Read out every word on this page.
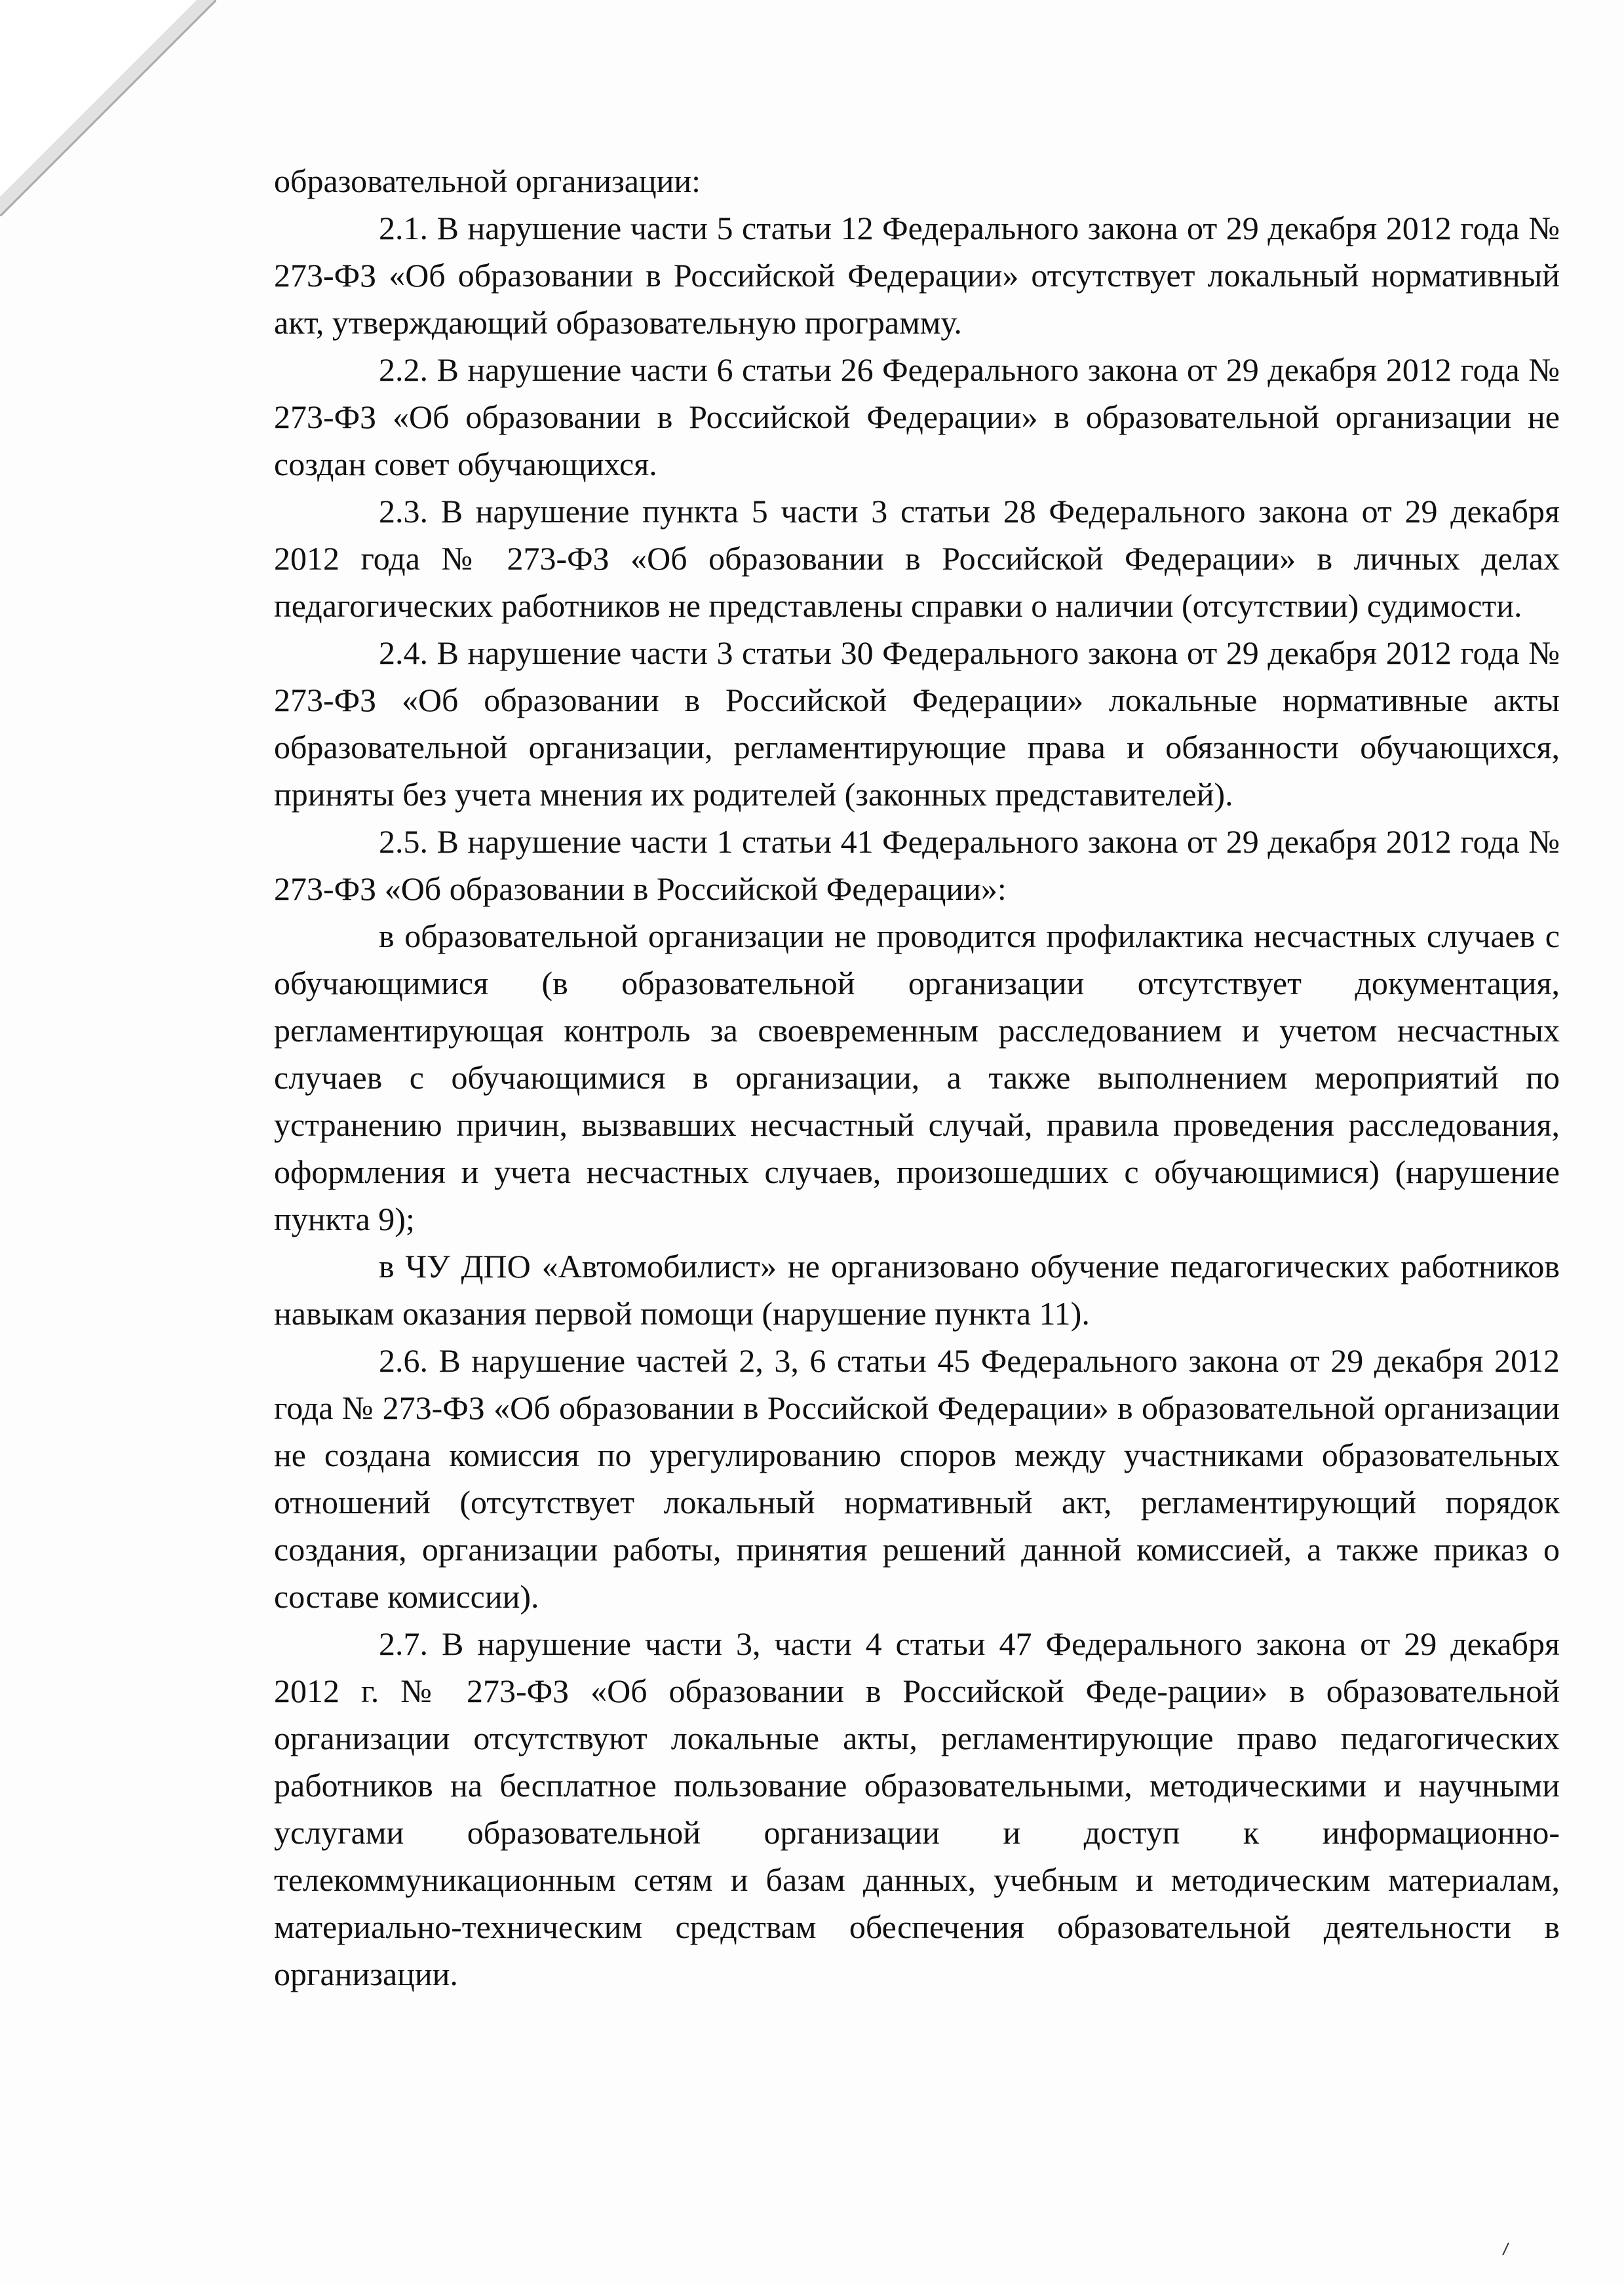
образовательной организации:

2.1. В нарушение части 5 статьи 12 Федерального закона от 29 декабря 2012 года № 273-ФЗ «Об образовании в Российской Федерации» отсутствует локальный нормативный акт, утверждающий образовательную программу.

2.2. В нарушение части 6 статьи 26 Федерального закона от 29 декабря 2012 года № 273-ФЗ «Об образовании в Российской Федерации» в образовательной организации не создан совет обучающихся.

2.3. В нарушение пункта 5 части 3 статьи 28 Федерального закона от 29 декабря 2012 года № 273-ФЗ «Об образовании в Российской Федерации» в личных делах педагогических работников не представлены справки о наличии (отсутствии) судимости.

2.4. В нарушение части 3 статьи 30 Федерального закона от 29 декабря 2012 года № 273-ФЗ «Об образовании в Российской Федерации» локальные нормативные акты образовательной организации, регламентирующие права и обязанности обучающихся, приняты без учета мнения их родителей (законных представителей).

2.5. В нарушение части 1 статьи 41 Федерального закона от 29 декабря 2012 года № 273-ФЗ «Об образовании в Российской Федерации»:

в образовательной организации не проводится профилактика несчастных случаев с обучающимися (в образовательной организации отсутствует документация, регламентирующая контроль за своевременным расследованием и учетом несчастных случаев с обучающимися в организации, а также выполнением мероприятий по устранению причин, вызвавших несчастный случай, правила проведения расследования, оформления и учета несчастных случаев, произошедших с обучающимися) (нарушение пункта 9);

в ЧУ ДПО «Автомобилист» не организовано обучение педагогических работников навыкам оказания первой помощи (нарушение пункта 11).

2.6. В нарушение частей 2, 3, 6 статьи 45 Федерального закона от 29 декабря 2012 года № 273-ФЗ «Об образовании в Российской Федерации» в образовательной организации не создана комиссия по урегулированию споров между участниками образовательных отношений (отсутствует локальный нормативный акт, регламентирующий порядок создания, организации работы, принятия решений данной комиссией, а также приказ о составе комиссии).

2.7. В нарушение части 3, части 4 статьи 47 Федерального закона от 29 декабря 2012 г. № 273-ФЗ «Об образовании в Российской Феде-рации» в образовательной организации отсутствуют локальные акты, регламентирующие право педагогических работников на бесплатное пользование образовательными, методическими и научными услугами образовательной организации и доступ к информационно-телекоммуникационным сетям и базам данных, учебным и методическим материалам, материально-техническим средствам обеспечения образовательной деятельности в организации.
